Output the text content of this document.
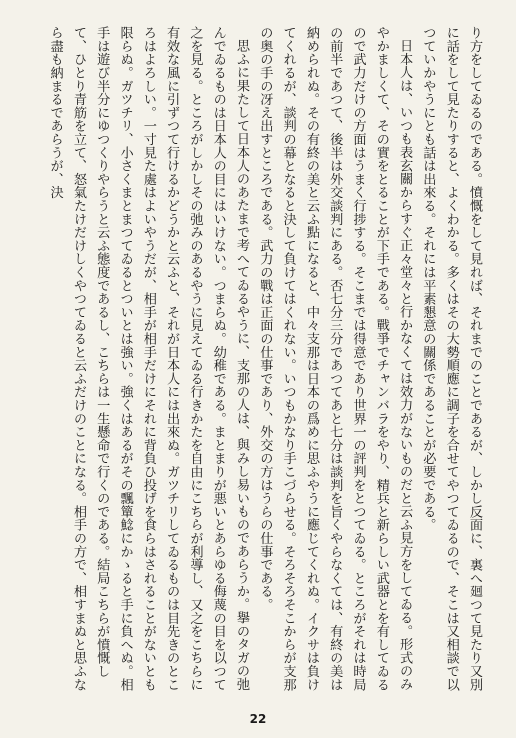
り方をしてゐるのである。憤慨をして見れば、それまでのことであるが、しかし反面に、裏へ廻つて見たり又別に話をして見たりすると、よくわかる。多くはその大勢順應に調子を合せてやつてゐるので、そこは又相談で以つていかやうにとも話は出來る。それには平素懇意の關係であることが必要である。

日本人は、いつも表玄關からすぐ正々堂々と行かなくては效力がないものだと云ふ見方をしてゐる。形式のみやかましくて、その實をとることが下手である。戰爭でチャンバラをやり、精兵と新らしい武器とを有してゐるので武力だけの方面はうまく行捗する。そこまでは得意であり世界一の評判をとつてゐる。ところがそれは時局の前半であつて、後半は外交談判にある。否七分三分であつてあと七分は談判を旨くやらなくては、有終の美は納められぬ。その有終の美と云ふ點になると、中々支那は日本の爲めに思ふやうに應じてくれぬ。イクサは負けてくれるが、談判の幕となると決して負けてはくれない。いつもかなり手こづらせる。そろそろそこからが支那の奥の手の冴え出すところである。武力の戰は正面の仕事であり、外交の方はうらの仕事である。

思ふに果たして日本人のあたまで考へてゐるやうに、支那の人は、與みし易いものであらうか。擧のタガの弛んでゐるものは日本人の目にはいけない。つまらぬ。幼稚である。まとまりが悪いとあらゆる侮蔑の目を以つて之を見る。ところがしかしその弛みのあるやうに見えてゐる行きかたを自由にこちらが利導し、又之をこちらに有效な風に引ずつて行けるかどうかと云ふと、それが日本人には出來ぬ。ガツチリしてゐるものは目先きのところはよろしい。一寸見た處はよいやうだが、相手が相手だけにそれに背負ひ投げを食らはされることがないとも限らぬ。ガツチリ、小さくまとまつてゐるとついとは強い。強くはあるがその飄簞鯰にかゝると手に負へぬ。相手は遊び半分にゆつくりやらうと云ふ態度であるし、こちらは一生懸命で行くのである。結局こちらが憤慨して、ひとり青筋を立て、怒氣たけだけしくやつてゐると云ふだけのことになる。相手の方で、相すまぬと思ふなら盡も納まるであらうが、決

22
